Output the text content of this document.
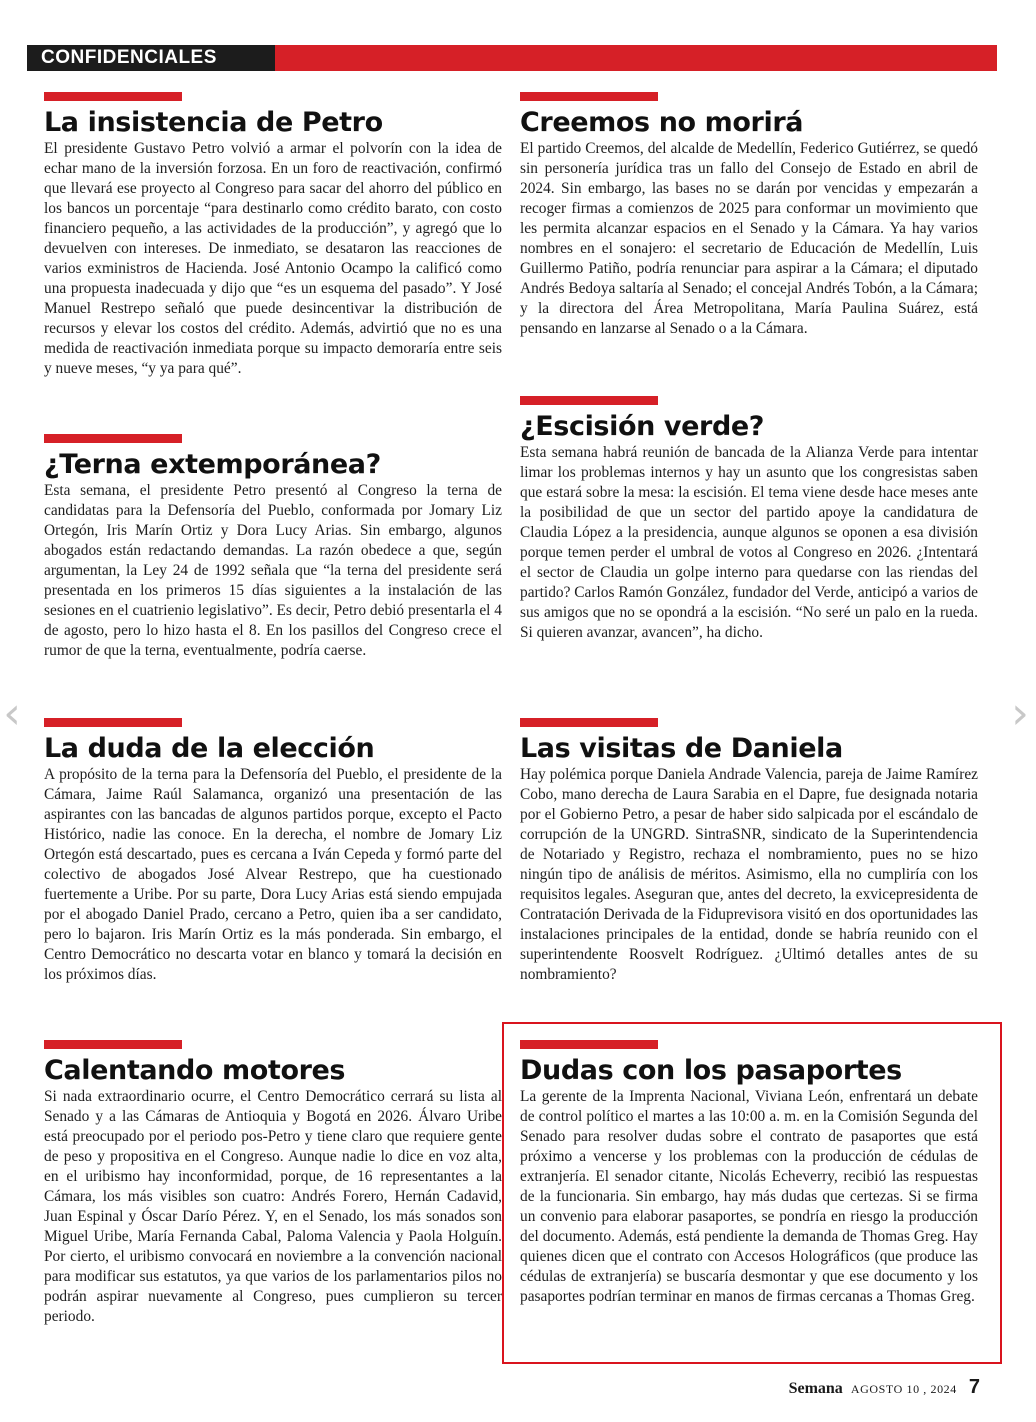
CONFIDENCIALES
La insistencia de Petro

El presidente Gustavo Petro volvió a armar el polvorín con la idea de echar mano de la inversión forzosa. En un foro de reactivación, confirmó que llevará ese proyecto al Congreso para sacar del ahorro del público en los bancos un porcentaje “para destinarlo como crédito barato, con costo financiero pequeño, a las actividades de la producción”, y agregó que lo devuelven con intereses. De inmediato, se desataron las reacciones de varios exministros de Hacienda. José Antonio Ocampo la calificó como una propuesta inadecuada y dijo que “es un esquema del pasado”. Y José Manuel Restrepo señaló que puede desincentivar la distribución de recursos y elevar los costos del crédito. Además, advirtió que no es una medida de reactivación inmediata porque su impacto demoraría entre seis y nueve meses, “y ya para qué”.

¿Terna extemporánea?

Esta semana, el presidente Petro presentó al Congreso la terna de candidatas para la Defensoría del Pueblo, conformada por Jomary Liz Ortegón, Iris Marín Ortiz y Dora Lucy Arias. Sin embargo, algunos abogados están redactando demandas. La razón obedece a que, según argumentan, la Ley 24 de 1992 señala que “la terna del presidente será presentada en los primeros 15 días siguientes a la instalación de las sesiones en el cuatrienio legislativo”. Es decir, Petro debió presentarla el 4 de agosto, pero lo hizo hasta el 8. En los pasillos del Congreso crece el rumor de que la terna, eventualmente, podría caerse.

La duda de la elección

A propósito de la terna para la Defensoría del Pueblo, el presidente de la Cámara, Jaime Raúl Salamanca, organizó una presentación de las aspirantes con las bancadas de algunos partidos porque, excepto el Pacto Histórico, nadie las conoce. En la derecha, el nombre de Jomary Liz Ortegón está descartado, pues es cercana a Iván Cepeda y formó parte del colectivo de abogados José Alvear Restrepo, que ha cuestionado fuertemente a Uribe. Por su parte, Dora Lucy Arias está siendo empujada por el abogado Daniel Prado, cercano a Petro, quien iba a ser candidato, pero lo bajaron. Iris Marín Ortiz es la más ponderada. Sin embargo, el Centro Democrático no descarta votar en blanco y tomará la decisión en los próximos días.

Calentando motores

Si nada extraordinario ocurre, el Centro Democrático cerrará su lista al Senado y a las Cámaras de Antioquia y Bogotá en 2026. Álvaro Uribe está preocupado por el periodo pos-Petro y tiene claro que requiere gente de peso y propositiva en el Congreso. Aunque nadie lo dice en voz alta, en el uribismo hay inconformidad, porque, de 16 representantes a la Cámara, los más visibles son cuatro: Andrés Forero, Hernán Cadavid, Juan Espinal y Óscar Darío Pérez. Y, en el Senado, los más sonados son Miguel Uribe, María Fernanda Cabal, Paloma Valencia y Paola Holguín. Por cierto, el uribismo convocará en noviembre a la convención nacional para modificar sus estatutos, ya que varios de los parlamentarios pilos no podrán aspirar nuevamente al Congreso, pues cumplieron su tercer periodo.

Creemos no morirá

El partido Creemos, del alcalde de Medellín, Federico Gutiérrez, se quedó sin personería jurídica tras un fallo del Consejo de Estado en abril de 2024. Sin embargo, las bases no se darán por vencidas y empezarán a recoger firmas a comienzos de 2025 para conformar un movimiento que les permita alcanzar espacios en el Senado y la Cámara. Ya hay varios nombres en el sonajero: el secretario de Educación de Medellín, Luis Guillermo Patiño, podría renunciar para aspirar a la Cámara; el diputado Andrés Bedoya saltaría al Senado; el concejal Andrés Tobón, a la Cámara; y la directora del Área Metropolitana, María Paulina Suárez, está pensando en lanzarse al Senado o a la Cámara.

¿Escisión verde?

Esta semana habrá reunión de bancada de la Alianza Verde para intentar limar los problemas internos y hay un asunto que los congresistas saben que estará sobre la mesa: la escisión. El tema viene desde hace meses ante la posibilidad de que un sector del partido apoye la candidatura de Claudia López a la presidencia, aunque algunos se oponen a esa división porque temen perder el umbral de votos al Congreso en 2026. ¿Intentará el sector de Claudia un golpe interno para quedarse con las riendas del partido? Carlos Ramón González, fundador del Verde, anticipó a varios de sus amigos que no se opondrá a la escisión. “No seré un palo en la rueda. Si quieren avanzar, avancen”, ha dicho.

Las visitas de Daniela

Hay polémica porque Daniela Andrade Valencia, pareja de Jaime Ramírez Cobo, mano derecha de Laura Sarabia en el Dapre, fue designada notaria por el Gobierno Petro, a pesar de haber sido salpicada por el escándalo de corrupción de la UNGRD. SintraSNR, sindicato de la Superintendencia de Notariado y Registro, rechaza el nombramiento, pues no se hizo ningún tipo de análisis de méritos. Asimismo, ella no cumpliría con los requisitos legales. Aseguran que, antes del decreto, la exvicepresidenta de Contratación Derivada de la Fiduprevisora visitó en dos oportunidades las instalaciones principales de la entidad, donde se habría reunido con el superintendente Roosvelt Rodríguez. ¿Ultimó detalles antes de su nombramiento?

Dudas con los pasaportes

La gerente de la Imprenta Nacional, Viviana León, enfrentará un debate de control político el martes a las 10:00 a. m. en la Comisión Segunda del Senado para resolver dudas sobre el contrato de pasaportes que está próximo a vencerse y los problemas con la producción de cédulas de extranjería. El senador citante, Nicolás Echeverry, recibió las respuestas de la funcionaria. Sin embargo, hay más dudas que certezas. Si se firma un convenio para elaborar pasaportes, se pondría en riesgo la producción del documento. Además, está pendiente la demanda de Thomas Greg. Hay quienes dicen que el contrato con Accesos Holográficos (que produce las cédulas de extranjería) se buscaría desmontar y que ese documento y los pasaportes podrían terminar en manos de firmas cercanas a Thomas Greg.

‹	›
Semana AGOSTO 10 , 2024 7
